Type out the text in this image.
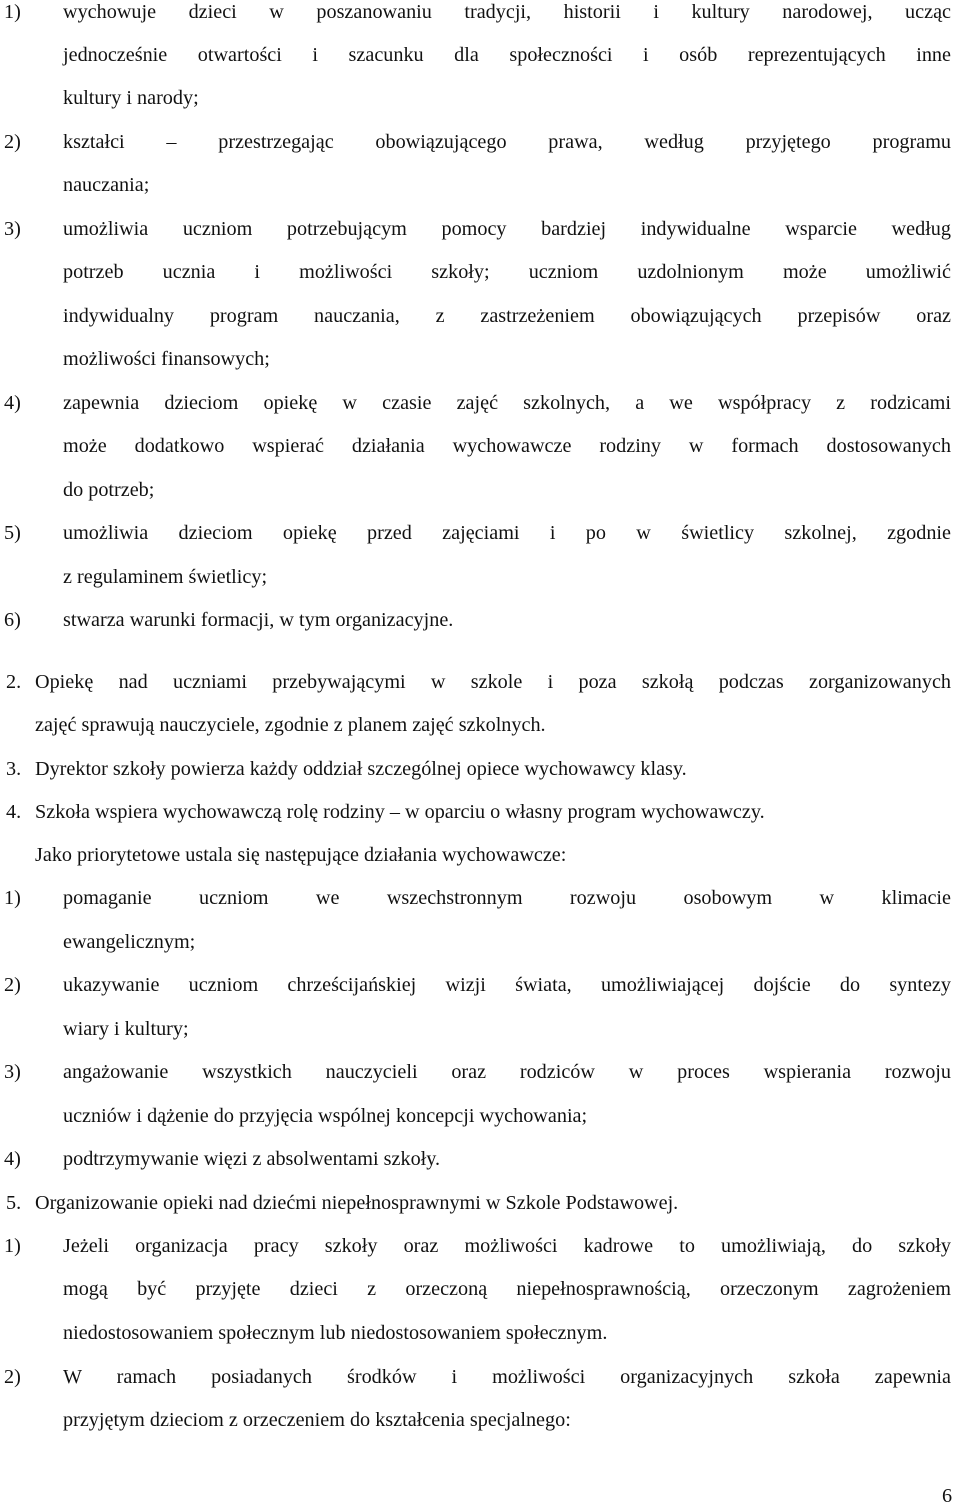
1) wychowuje dzieci w poszanowaniu tradycji, historii i kultury narodowej, ucząc
jednocześnie otwartości i szacunku dla społeczności i osób reprezentujących inne
kultury i narody;
2) kształci – przestrzegając obowiązującego prawa, według przyjętego programu
nauczania;
3) umożliwia uczniom potrzebującym pomocy bardziej indywidualne wsparcie według
potrzeb ucznia i możliwości szkoły; uczniom uzdolnionym może umożliwić
indywidualny program nauczania, z zastrzeżeniem obowiązujących przepisów oraz
możliwości finansowych;
4) zapewnia dzieciom opiekę w czasie zajęć szkolnych, a we współpracy z rodzicami
może dodatkowo wspierać działania wychowawcze rodziny w formach dostosowanych
do potrzeb;
5) umożliwia dzieciom opiekę przed zajęciami i po w świetlicy szkolnej, zgodnie
z regulaminem świetlicy;
6) stwarza warunki formacji, w tym organizacyjne.
2. Opiekę nad uczniami przebywającymi w szkole i poza szkołą podczas zorganizowanych
zajęć sprawują nauczyciele, zgodnie z planem zajęć szkolnych.
3. Dyrektor szkoły powierza każdy oddział szczególnej opiece wychowawcy klasy.
4. Szkoła wspiera wychowawczą rolę rodziny – w oparciu o własny program wychowawczy.
Jako priorytetowe ustala się następujące działania wychowawcze:
1) pomaganie uczniom we wszechstronnym rozwoju osobowym w klimacie
ewangelicznym;
2) ukazywanie uczniom chrześcijańskiej wizji świata, umożliwiającej dojście do syntezy
wiary i kultury;
3) angażowanie wszystkich nauczycieli oraz rodziców w proces wspierania rozwoju
uczniów i dążenie do przyjęcia wspólnej koncepcji wychowania;
4) podtrzymywanie więzi z absolwentami szkoły.
5. Organizowanie opieki nad dziećmi niepełnosprawnymi w Szkole Podstawowej.
1) Jeżeli organizacja pracy szkoły oraz możliwości kadrowe to umożliwiają, do szkoły
mogą być przyjęte dzieci z orzeczoną niepełnosprawnością, orzeczonym zagrożeniem
niedostosowaniem społecznym lub niedostosowaniem społecznym.
2) W ramach posiadanych środków i możliwości organizacyjnych szkoła zapewnia
przyjętym dzieciom z orzeczeniem do kształcenia specjalnego:
6
